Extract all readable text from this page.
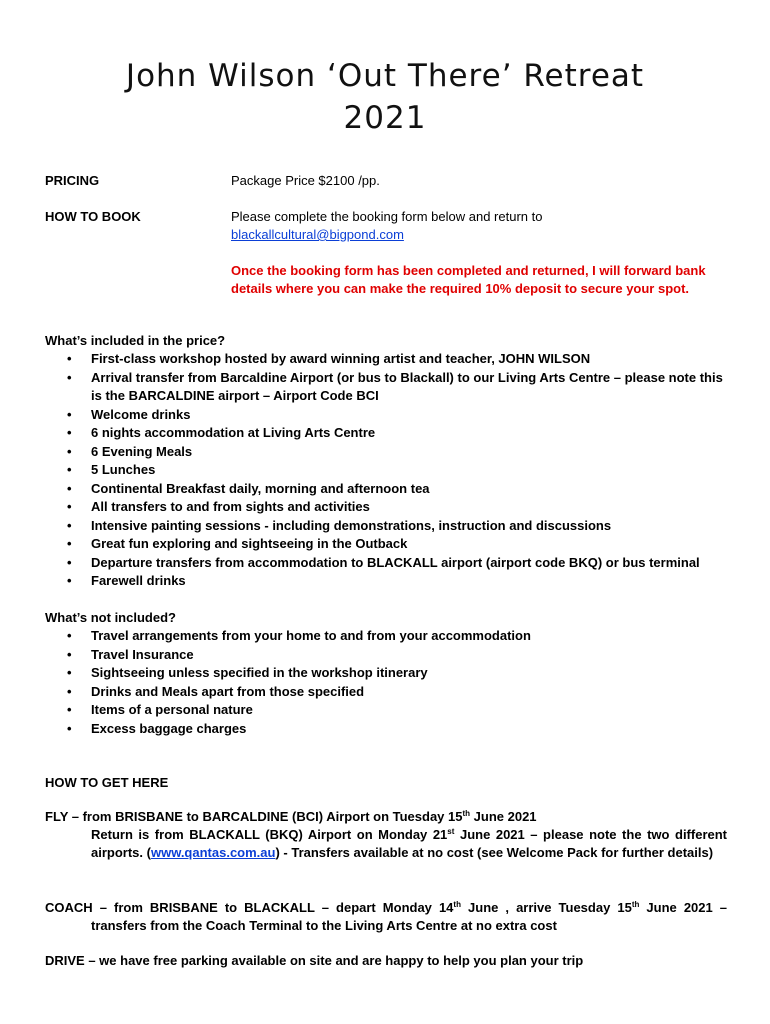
John Wilson ‘Out There’ Retreat
2021
PRICING	Package Price $2100 /pp.
HOW TO BOOK	Please complete the booking form below and return to
blackallcultural@bigpond.com
Once the booking form has been completed and returned, I will forward bank details where you can make the required 10% deposit to secure your spot.
What’s included in the price?
• First-class workshop hosted by award winning artist and teacher, JOHN WILSON
• Arrival transfer from Barcaldine Airport (or bus to Blackall) to our Living Arts Centre – please note this is the BARCALDINE airport – Airport Code BCI
• Welcome drinks
• 6 nights accommodation at Living Arts Centre
• 6 Evening Meals
• 5 Lunches
• Continental Breakfast daily, morning and afternoon tea
• All transfers to and from sights and activities
• Intensive painting sessions - including demonstrations, instruction and discussions
• Great fun exploring and sightseeing in the Outback
• Departure transfers from accommodation to BLACKALL airport (airport code BKQ) or bus terminal
• Farewell drinks
What’s not included?
• Travel arrangements from your home to and from your accommodation
• Travel Insurance
• Sightseeing unless specified in the workshop itinerary
• Drinks and Meals apart from those specified
• Items of a personal nature
• Excess baggage charges
HOW TO GET HERE
FLY – from BRISBANE to BARCALDINE (BCI) Airport on Tuesday 15th June 2021
Return is from BLACKALL (BKQ) Airport on Monday 21st June 2021 – please note the two different airports. (www.qantas.com.au) - Transfers available at no cost (see Welcome Pack for further details)
COACH – from BRISBANE to BLACKALL – depart Monday 14th June , arrive Tuesday 15th June 2021 –
transfers from the Coach Terminal to the Living Arts Centre at no extra cost
DRIVE – we have free parking available on site and are happy to help you plan your trip
